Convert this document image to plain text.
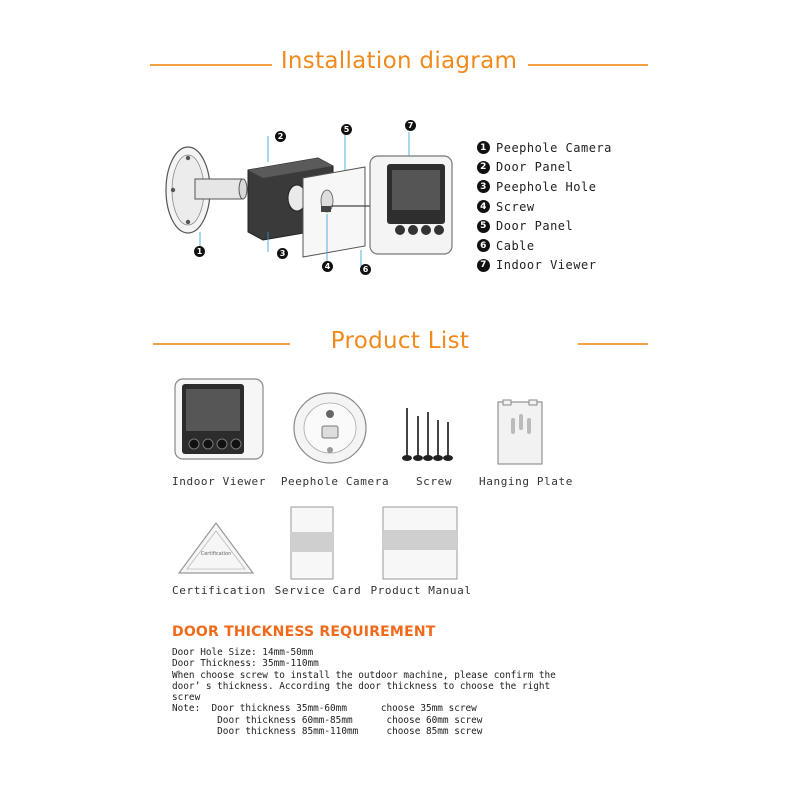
Installation diagram
1
2
3
4
5
6
7
1 Peephole Camera
2 Door Panel
3 Peephole Hole
4 Screw
5 Door Panel
6 Cable
7 Indoor Viewer
Product List
Indoor Viewer	Peephole Camera	Screw	Hanging Plate
Certification
Certification Service Card Product Manual
DOOR THICKNESS REQUIREMENT
Door Hole Size: 14mm-50mm
Door Thickness: 35mm-110mm
When choose screw to install the outdoor machine, please confirm the
door’ s thickness. According the door thickness to choose the right
screw
Note:  Door thickness 35mm-60mm      choose 35mm screw
Door thickness 60mm-85mm      choose 60mm screw
Door thickness 85mm-110mm     choose 85mm screw
